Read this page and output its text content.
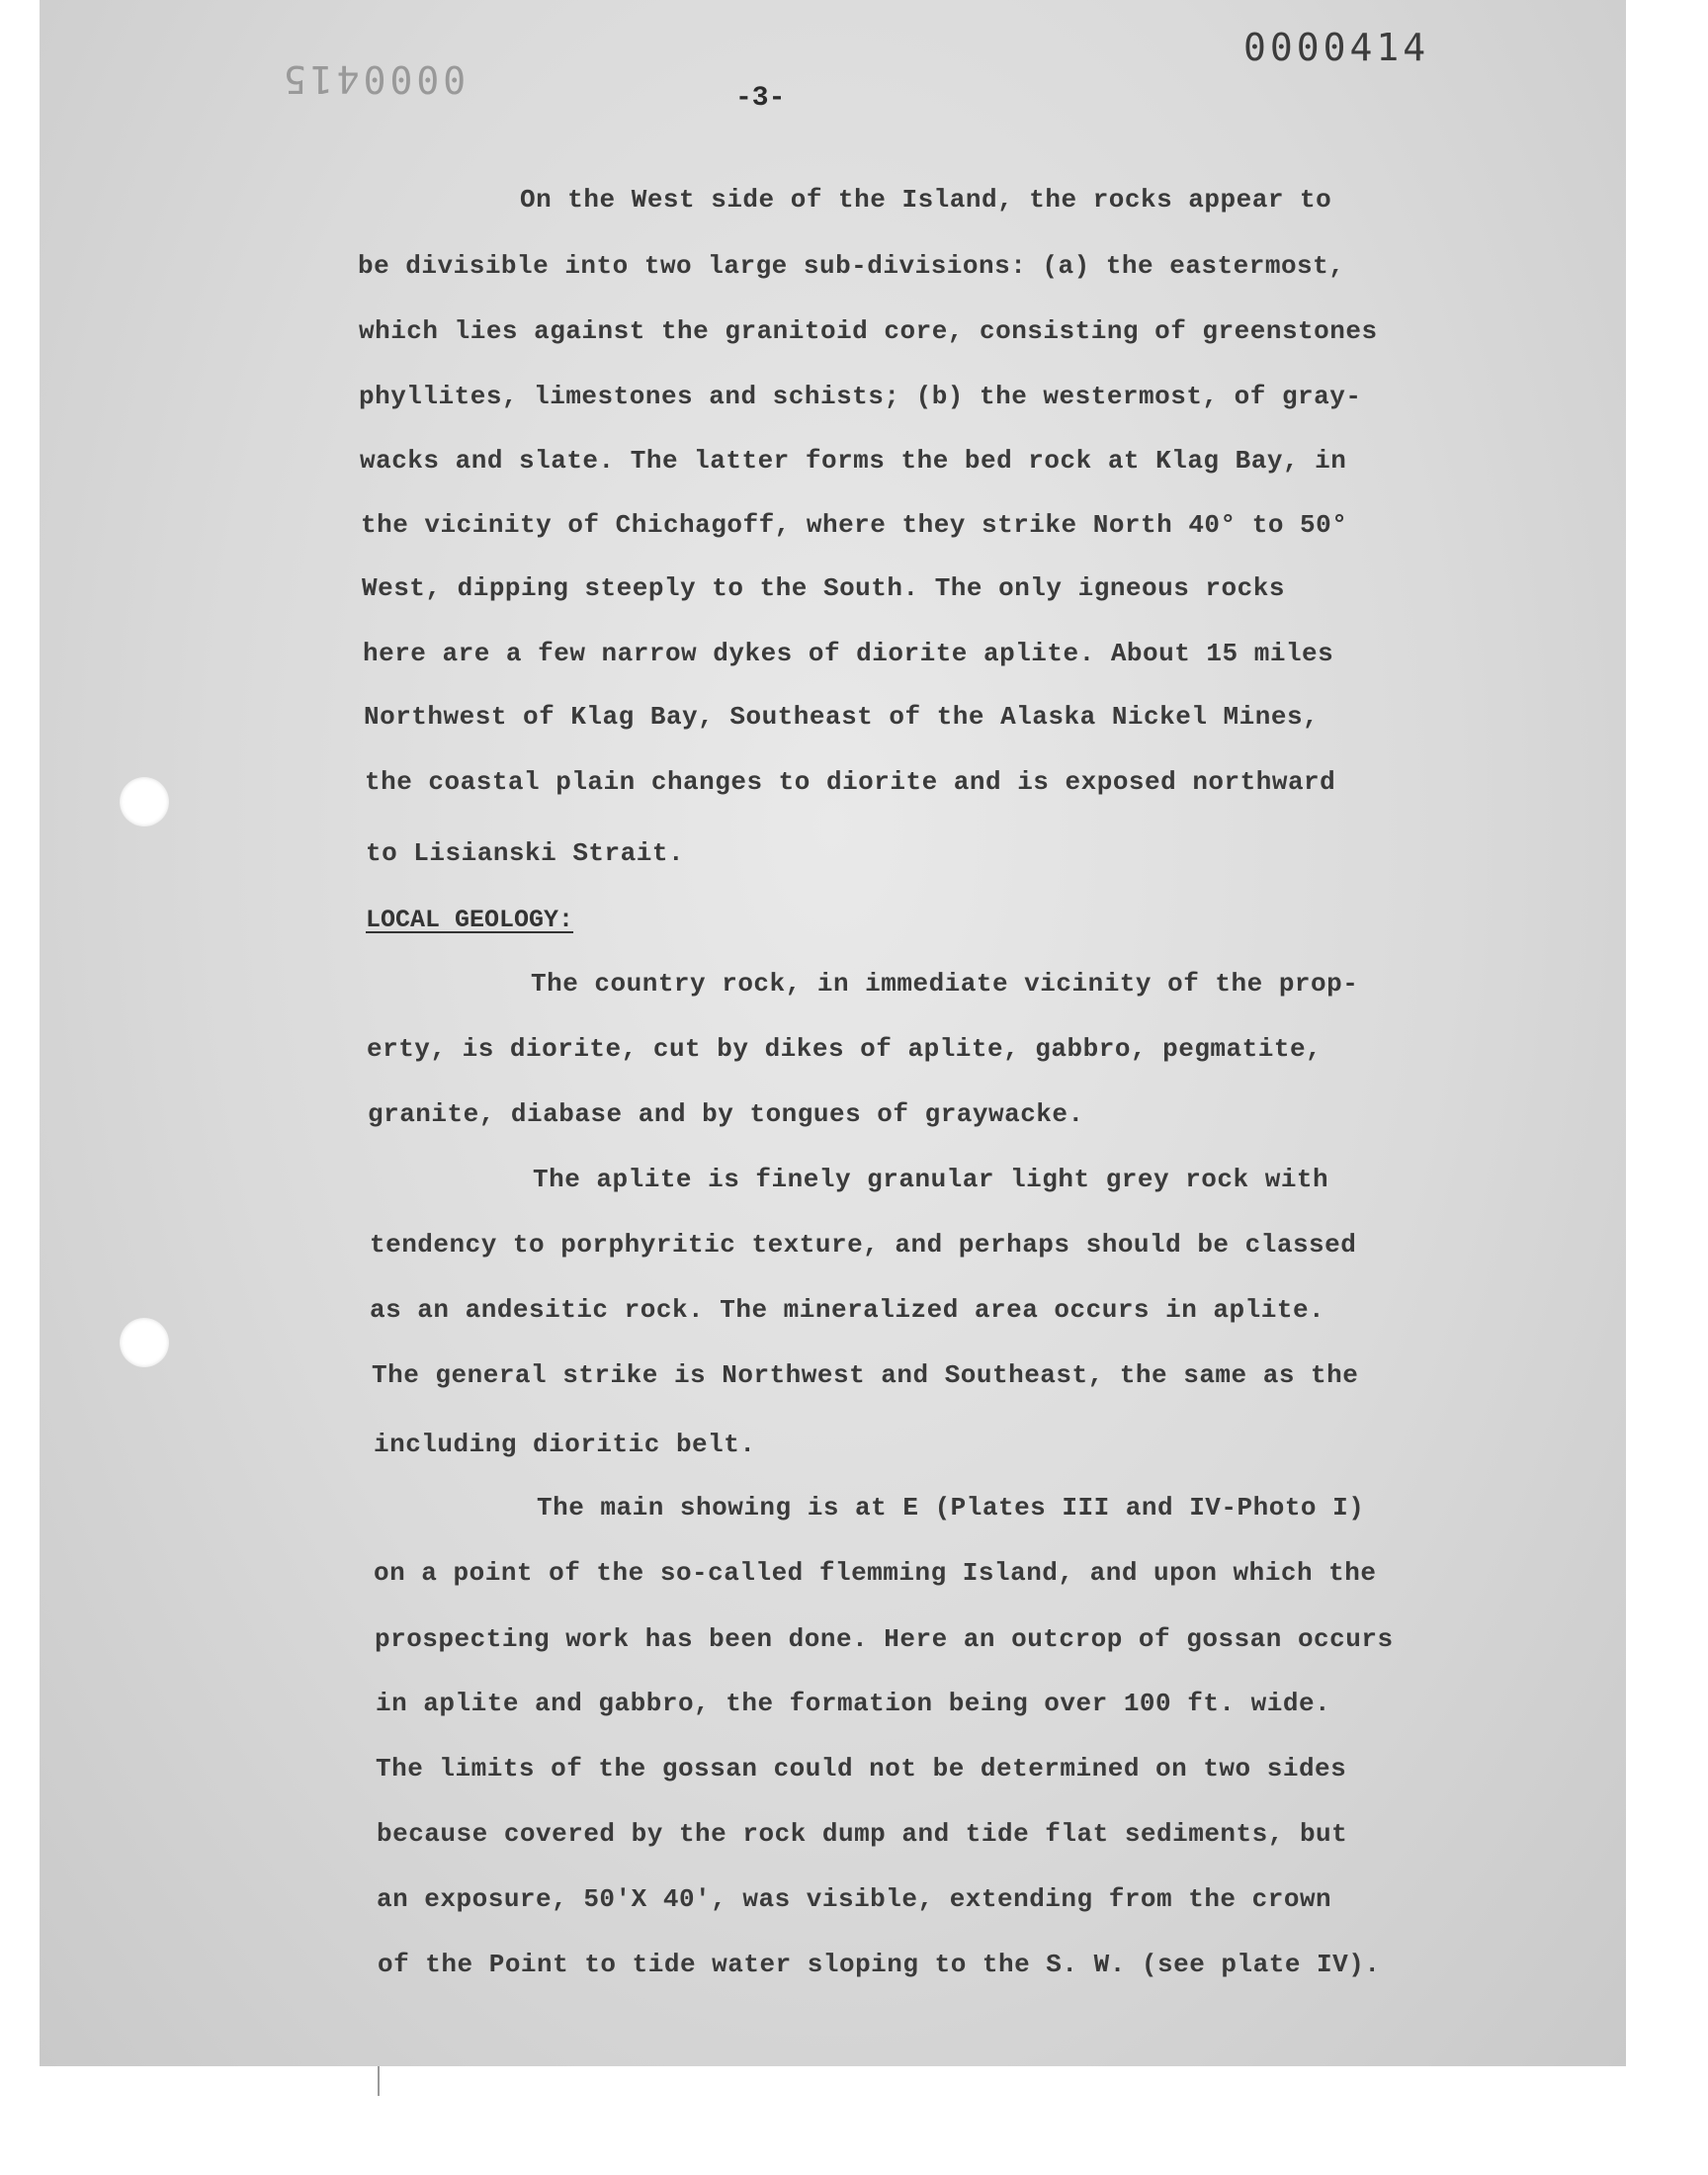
0000414
0000415	-3-
On the West side of the Island, the rocks appear to
be divisible into two large sub-divisions: (a) the eastermost,
which lies against the granitoid core, consisting of greenstones
phyllites, limestones and schists; (b) the westermost, of gray-
wacks and slate. The latter forms the bed rock at Klag Bay, in
the vicinity of Chichagoff, where they strike North 40° to 50°
West, dipping steeply to the South. The only igneous rocks
here are a few narrow dykes of diorite aplite. About 15 miles
Northwest of Klag Bay, Southeast of the Alaska Nickel Mines,
the coastal plain changes to diorite and is exposed northward
to Lisianski Strait.
LOCAL GEOLOGY:
The country rock, in immediate vicinity of the prop-
erty, is diorite, cut by dikes of aplite, gabbro, pegmatite,
granite, diabase and by tongues of graywacke.
The aplite is finely granular light grey rock with
tendency to porphyritic texture, and perhaps should be classed
as an andesitic rock. The mineralized area occurs in aplite.
The general strike is Northwest and Southeast, the same as the
including dioritic belt.
The main showing is at E (Plates III and IV-Photo I)
on a point of the so-called flemming Island, and upon which the
prospecting work has been done. Here an outcrop of gossan occurs
in aplite and gabbro, the formation being over 100 ft. wide.
The limits of the gossan could not be determined on two sides
because covered by the rock dump and tide flat sediments, but
an exposure, 50'X 40', was visible, extending from the crown
of the Point to tide water sloping to the S. W. (see plate IV).
